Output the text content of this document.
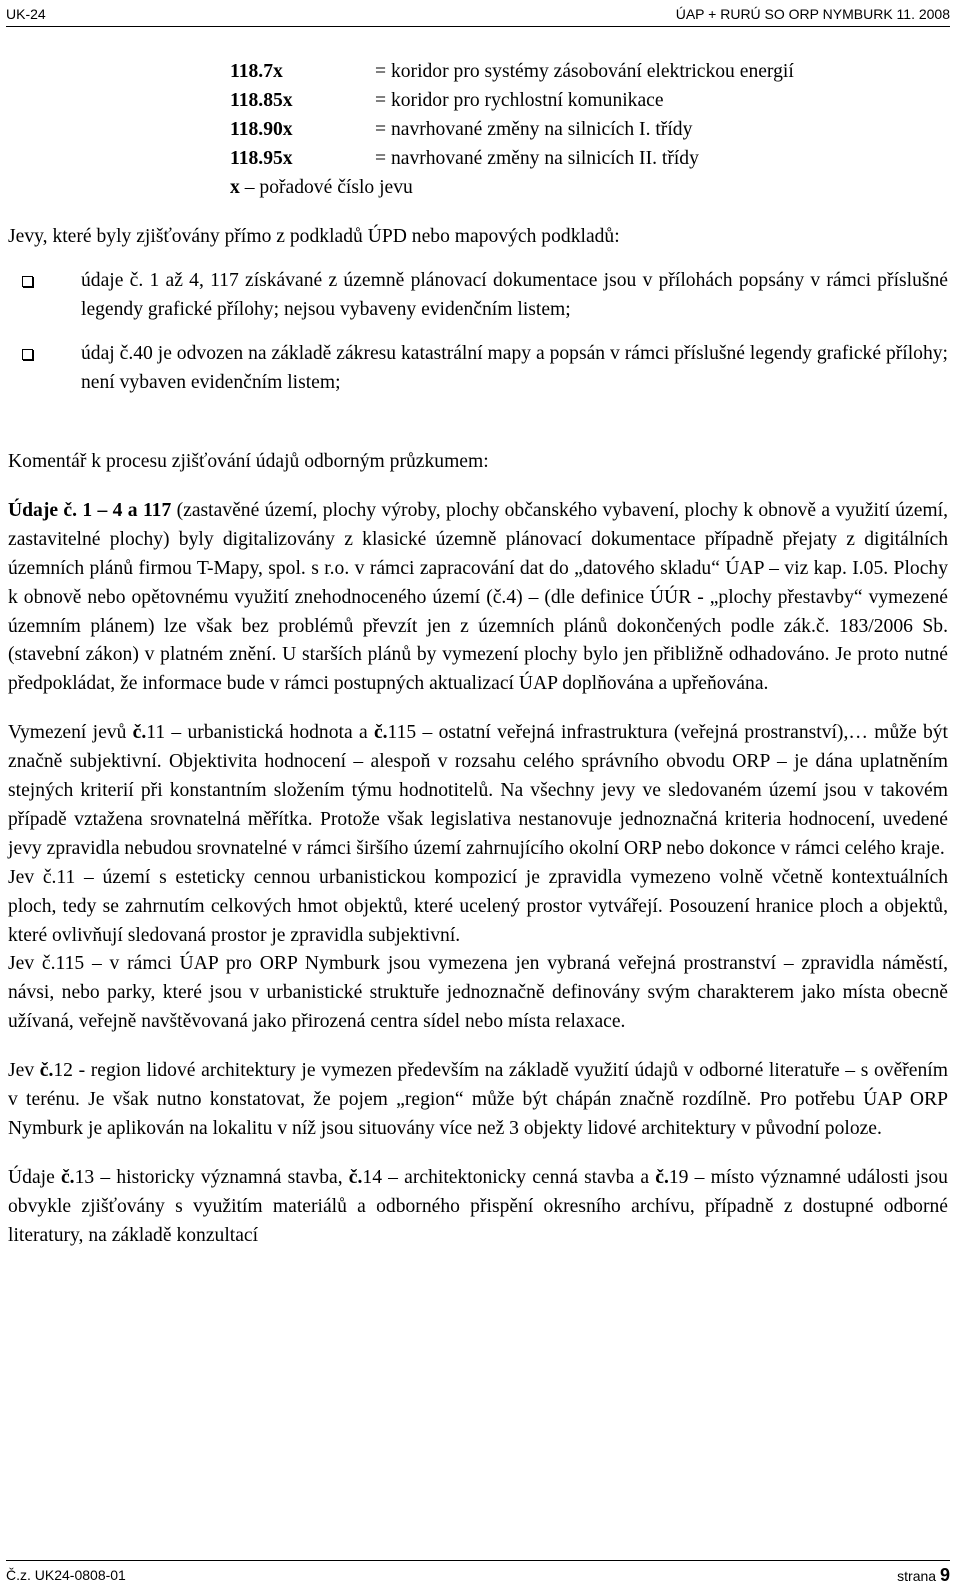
UK-24	ÚAP + RURÚ SO ORP NYMBURK 11. 2008
118.7x	= koridor pro systémy zásobování elektrickou energií
118.85x	= koridor pro rychlostní komunikace
118.90x	= navrhované změny na silnicích I. třídy
118.95x	= navrhované změny na silnicích II. třídy
x – pořadové číslo jevu

Jevy, které byly zjišťovány přímo z podkladů ÚPD nebo mapových podkladů:

údaje č. 1 až 4, 117 získávané z územně plánovací dokumentace jsou v přílohách popsány v rámci příslušné legendy grafické přílohy; nejsou vybaveny evidenčním listem;
údaj č.40 je odvozen na základě zákresu katastrální mapy a popsán v rámci příslušné legendy grafické přílohy; není vybaven evidenčním listem;

Komentář k procesu zjišťování údajů odborným průzkumem:

Údaje č. 1 – 4 a 117 (zastavěné území, plochy výroby, plochy občanského vybavení, plochy k obnově a využití území, zastavitelné plochy) byly digitalizovány z klasické územně plánovací dokumentace případně přejaty z digitálních územních plánů firmou T-Mapy, spol. s r.o. v rámci zapracování dat do „datového skladu“ ÚAP – viz kap. I.05. Plochy k obnově nebo opětovnému využití znehodnoceného území (č.4) – (dle definice ÚÚR - „plochy přestavby“ vymezené územním plánem) lze však bez problémů převzít jen z územních plánů dokončených podle zák.č. 183/2006 Sb. (stavební zákon) v platném znění. U starších plánů by vymezení plochy bylo jen přibližně odhadováno. Je proto nutné předpokládat, že informace bude v rámci postupných aktualizací ÚAP doplňována a upřeňována.

Vymezení jevů č.11 – urbanistická hodnota a č.115 – ostatní veřejná infrastruktura (veřejná prostranství),… může být značně subjektivní. Objektivita hodnocení – alespoň v rozsahu celého správního obvodu ORP – je dána uplatněním stejných kriterií při konstantním složením týmu hodnotitelů. Na všechny jevy ve sledovaném území jsou v takovém případě vztažena srovnatelná měřítka. Protože však legislativa nestanovuje jednoznačná kriteria hodnocení, uvedené jevy zpravidla nebudou srovnatelné v rámci širšího území zahrnujícího okolní ORP nebo dokonce v rámci celého kraje.

Jev č.11 – území s esteticky cennou urbanistickou kompozicí je zpravidla vymezeno volně včetně kontextuálních ploch, tedy se zahrnutím celkových hmot objektů, které ucelený prostor vytvářejí. Posouzení hranice ploch a objektů, které ovlivňují sledovaná prostor je zpravidla subjektivní.

Jev č.115 – v rámci ÚAP pro ORP Nymburk jsou vymezena jen vybraná veřejná prostranství – zpravidla náměstí, návsi, nebo parky, které jsou v urbanistické struktuře jednoznačně definovány svým charakterem jako místa obecně užívaná, veřejně navštěvovaná jako přirozená centra sídel nebo místa relaxace.

Jev č.12 - region lidové architektury je vymezen především na základě využití údajů v odborné literatuře – s ověřením v terénu. Je však nutno konstatovat, že pojem „region“ může být chápán značně rozdílně. Pro potřebu ÚAP ORP Nymburk je aplikován na lokalitu v níž jsou situovány více než 3 objekty lidové architektury v původní poloze.

Údaje č.13 – historicky významná stavba, č.14 – architektonicky cenná stavba a č.19 – místo významné události jsou obvykle zjišťovány s využitím materiálů a odborného přispění okresního archívu, případně z dostupné odborné literatury, na základě konzultací

Č.z. UK24-0808-01	strana 9
